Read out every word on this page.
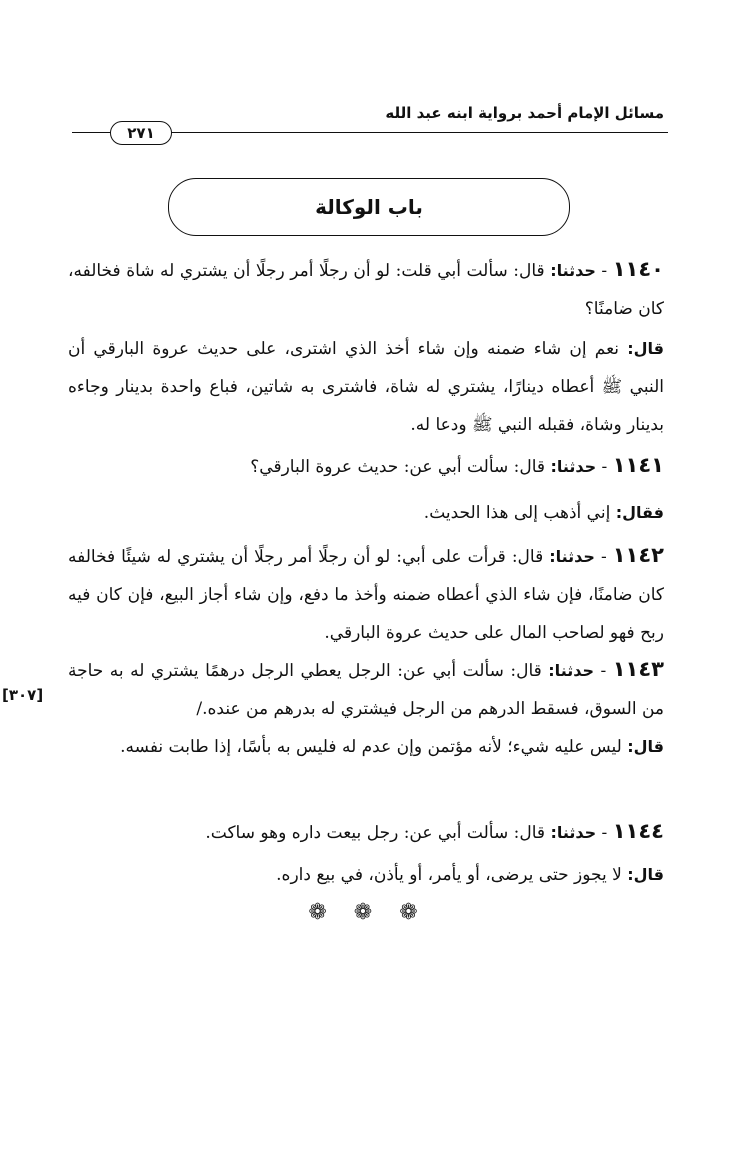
مسائل الإمام أحمد برواية ابنه عبد الله
٢٧١
باب الوكالة

١١٤٠ - حدثنا: قال: سألت أبي قلت: لو أن رجلًا أمر رجلًا أن يشتري له شاة فخالفه، كان ضامنًا؟

قال: نعم إن شاء ضمنه وإن شاء أخذ الذي اشترى، على حديث عروة البارقي أن النبي ﷺ أعطاه دينارًا، يشتري له شاة، فاشترى به شاتين، فباع واحدة بدينار وجاءه بدينار وشاة، فقبله النبي ﷺ ودعا له.

١١٤١ - حدثنا: قال: سألت أبي عن: حديث عروة البارقي؟

فقال: إني أذهب إلى هذا الحديث.

١١٤٢ - حدثنا: قال: قرأت على أبي: لو أن رجلًا أمر رجلًا أن يشتري له شيئًا فخالفه كان ضامنًا، فإن شاء الذي أعطاه ضمنه وأخذ ما دفع، وإن شاء أجاز البيع، فإن كان فيه ربح فهو لصاحب المال على حديث عروة البارقي.

١١٤٣ - حدثنا: قال: سألت أبي عن: الرجل يعطي الرجل درهمًا يشتري له به حاجة من السوق، فسقط الدرهم من الرجل فيشتري له بدرهم من عنده./

قال: ليس عليه شيء؛ لأنه مؤتمن وإن عدم له فليس به بأسًا، إذا طابت نفسه.

١١٤٤ - حدثنا: قال: سألت أبي عن: رجل بيعت داره وهو ساكت.

قال: لا يجوز حتى يرضى، أو يأمر، أو يأذن، في بيع داره.

[٣٠٧]
❁ ❁ ❁
